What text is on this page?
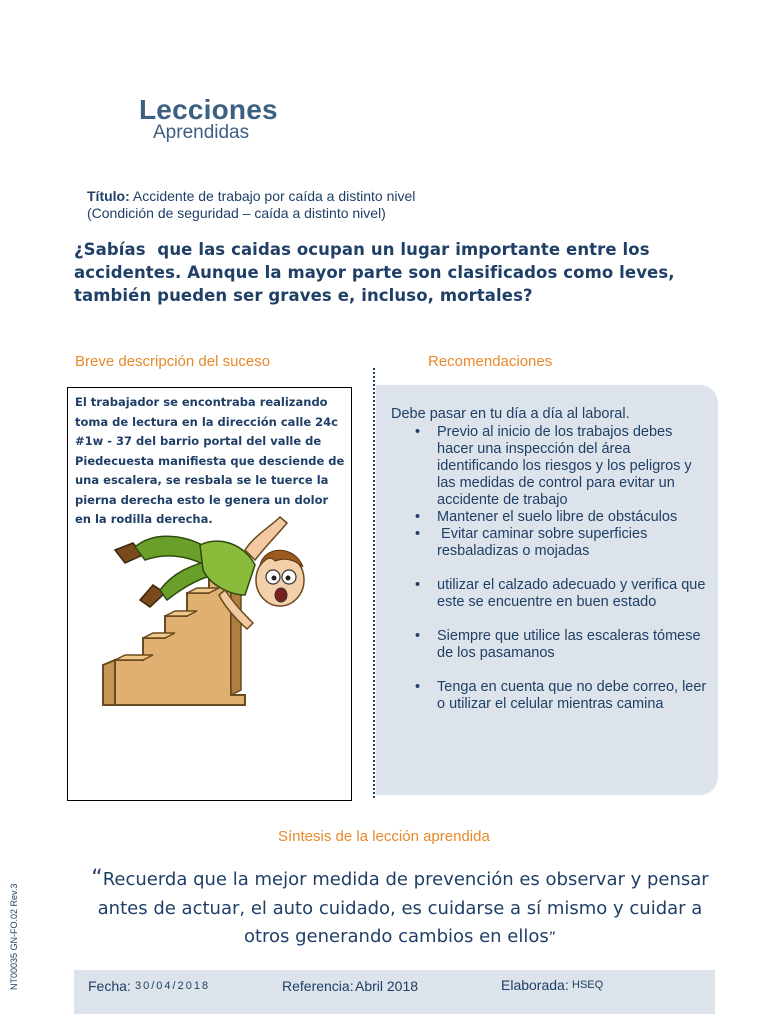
Lecciones
Aprendidas
Título: Accidente de trabajo por caída a distinto nivel
(Condición de seguridad – caída a distinto nivel)
¿Sabías que las caidas ocupan un lugar importante entre los accidentes. Aunque la mayor parte son clasificados como leves, también pueden ser graves e, incluso, mortales?
Breve descripción del suceso	Recomendaciones
El trabajador se encontraba realizando toma de lectura en la dirección calle 24c #1w - 37 del barrio portal del valle de Piedecuesta manifiesta que desciende de una escalera, se resbala se le tuerce la pierna derecha esto le genera un dolor en la rodilla derecha.
Debe pasar en tu día a día al laboral.
• Previo al inicio de los trabajos debes hacer una inspección del área identificando los riesgos y los peligros y las medidas de control para evitar un accidente de trabajo
• Mantener el suelo libre de obstáculos
• Evitar caminar sobre superficies resbaladizas o mojadas
• utilizar el calzado adecuado y verifica que este se encuentre en buen estado
• Siempre que utilice las escaleras tómese de los pasamanos
• Tenga en cuenta que no debe correo, leer o utilizar el celular mientras camina
Síntesis de la lección aprendida
“Recuerda que la mejor medida de prevención es observar y pensar antes de actuar, el auto cuidado, es cuidarse a sí mismo y cuidar a otros generando cambios en ellos”
NT00035 GN-FO.02 Rev.3	Fecha: 30/04/2018	Referencia: Abril 2018	Elaborada: HSEQ
